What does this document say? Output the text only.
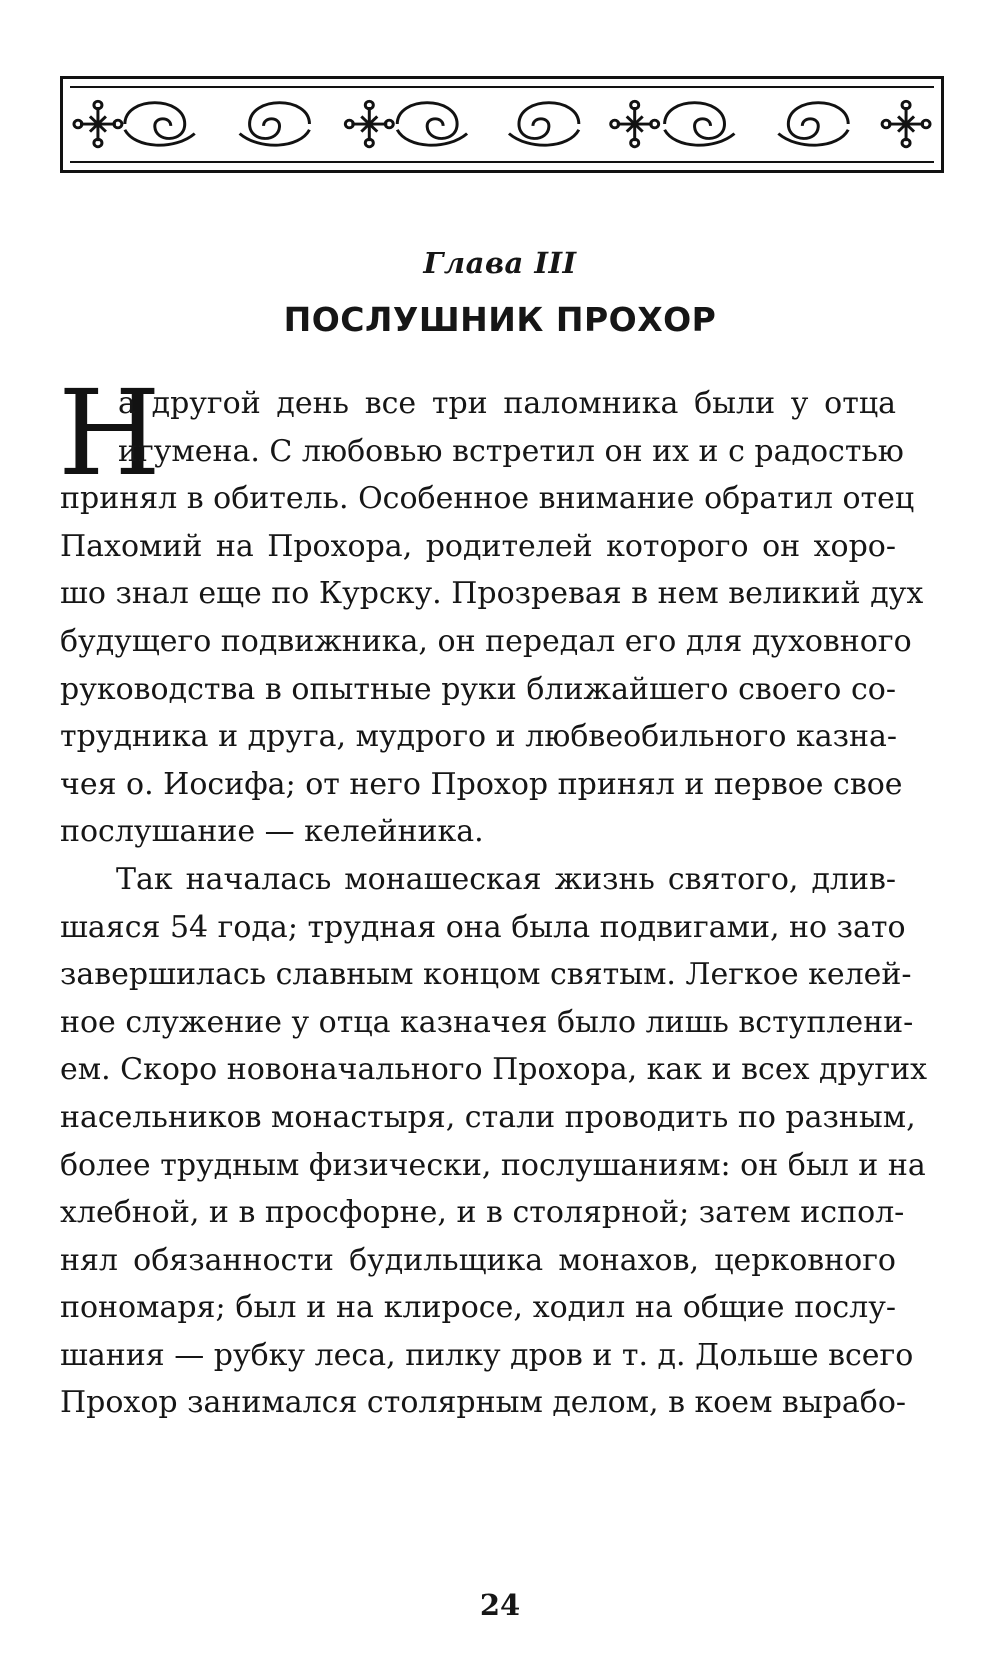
Глава III
ПОСЛУШНИК ПРОХОР
Н
а другой день все три паломника были у отца
игумена. С любовью встретил он их и с радостью
принял в обитель. Особенное внимание обратил отец
Пахомий на Прохора, родителей которого он хоро-
шо знал еще по Курску. Прозревая в нем великий дух
будущего подвижника, он передал его для духовного
руководства в опытные руки ближайшего своего со-
трудника и друга, мудрого и любвеобильного казна-
чея о. Иосифа; от него Прохор принял и первое свое
послушание — келейника.
Так началась монашеская жизнь святого, длив-
шаяся 54 года; трудная она была подвигами, но зато
завершилась славным концом святым. Легкое келей-
ное служение у отца казначея было лишь вступлени-
ем. Скоро новоначального Прохора, как и всех других
насельников монастыря, стали проводить по разным,
более трудным физически, послушаниям: он был и на
хлебной, и в просфорне, и в столярной; затем испол-
нял обязанности будильщика монахов, церковного
пономаря; был и на клиросе, ходил на общие послу-
шания — рубку леса, пилку дров и т. д. Дольше всего
Прохор занимался столярным делом, в коем вырабо-
24
